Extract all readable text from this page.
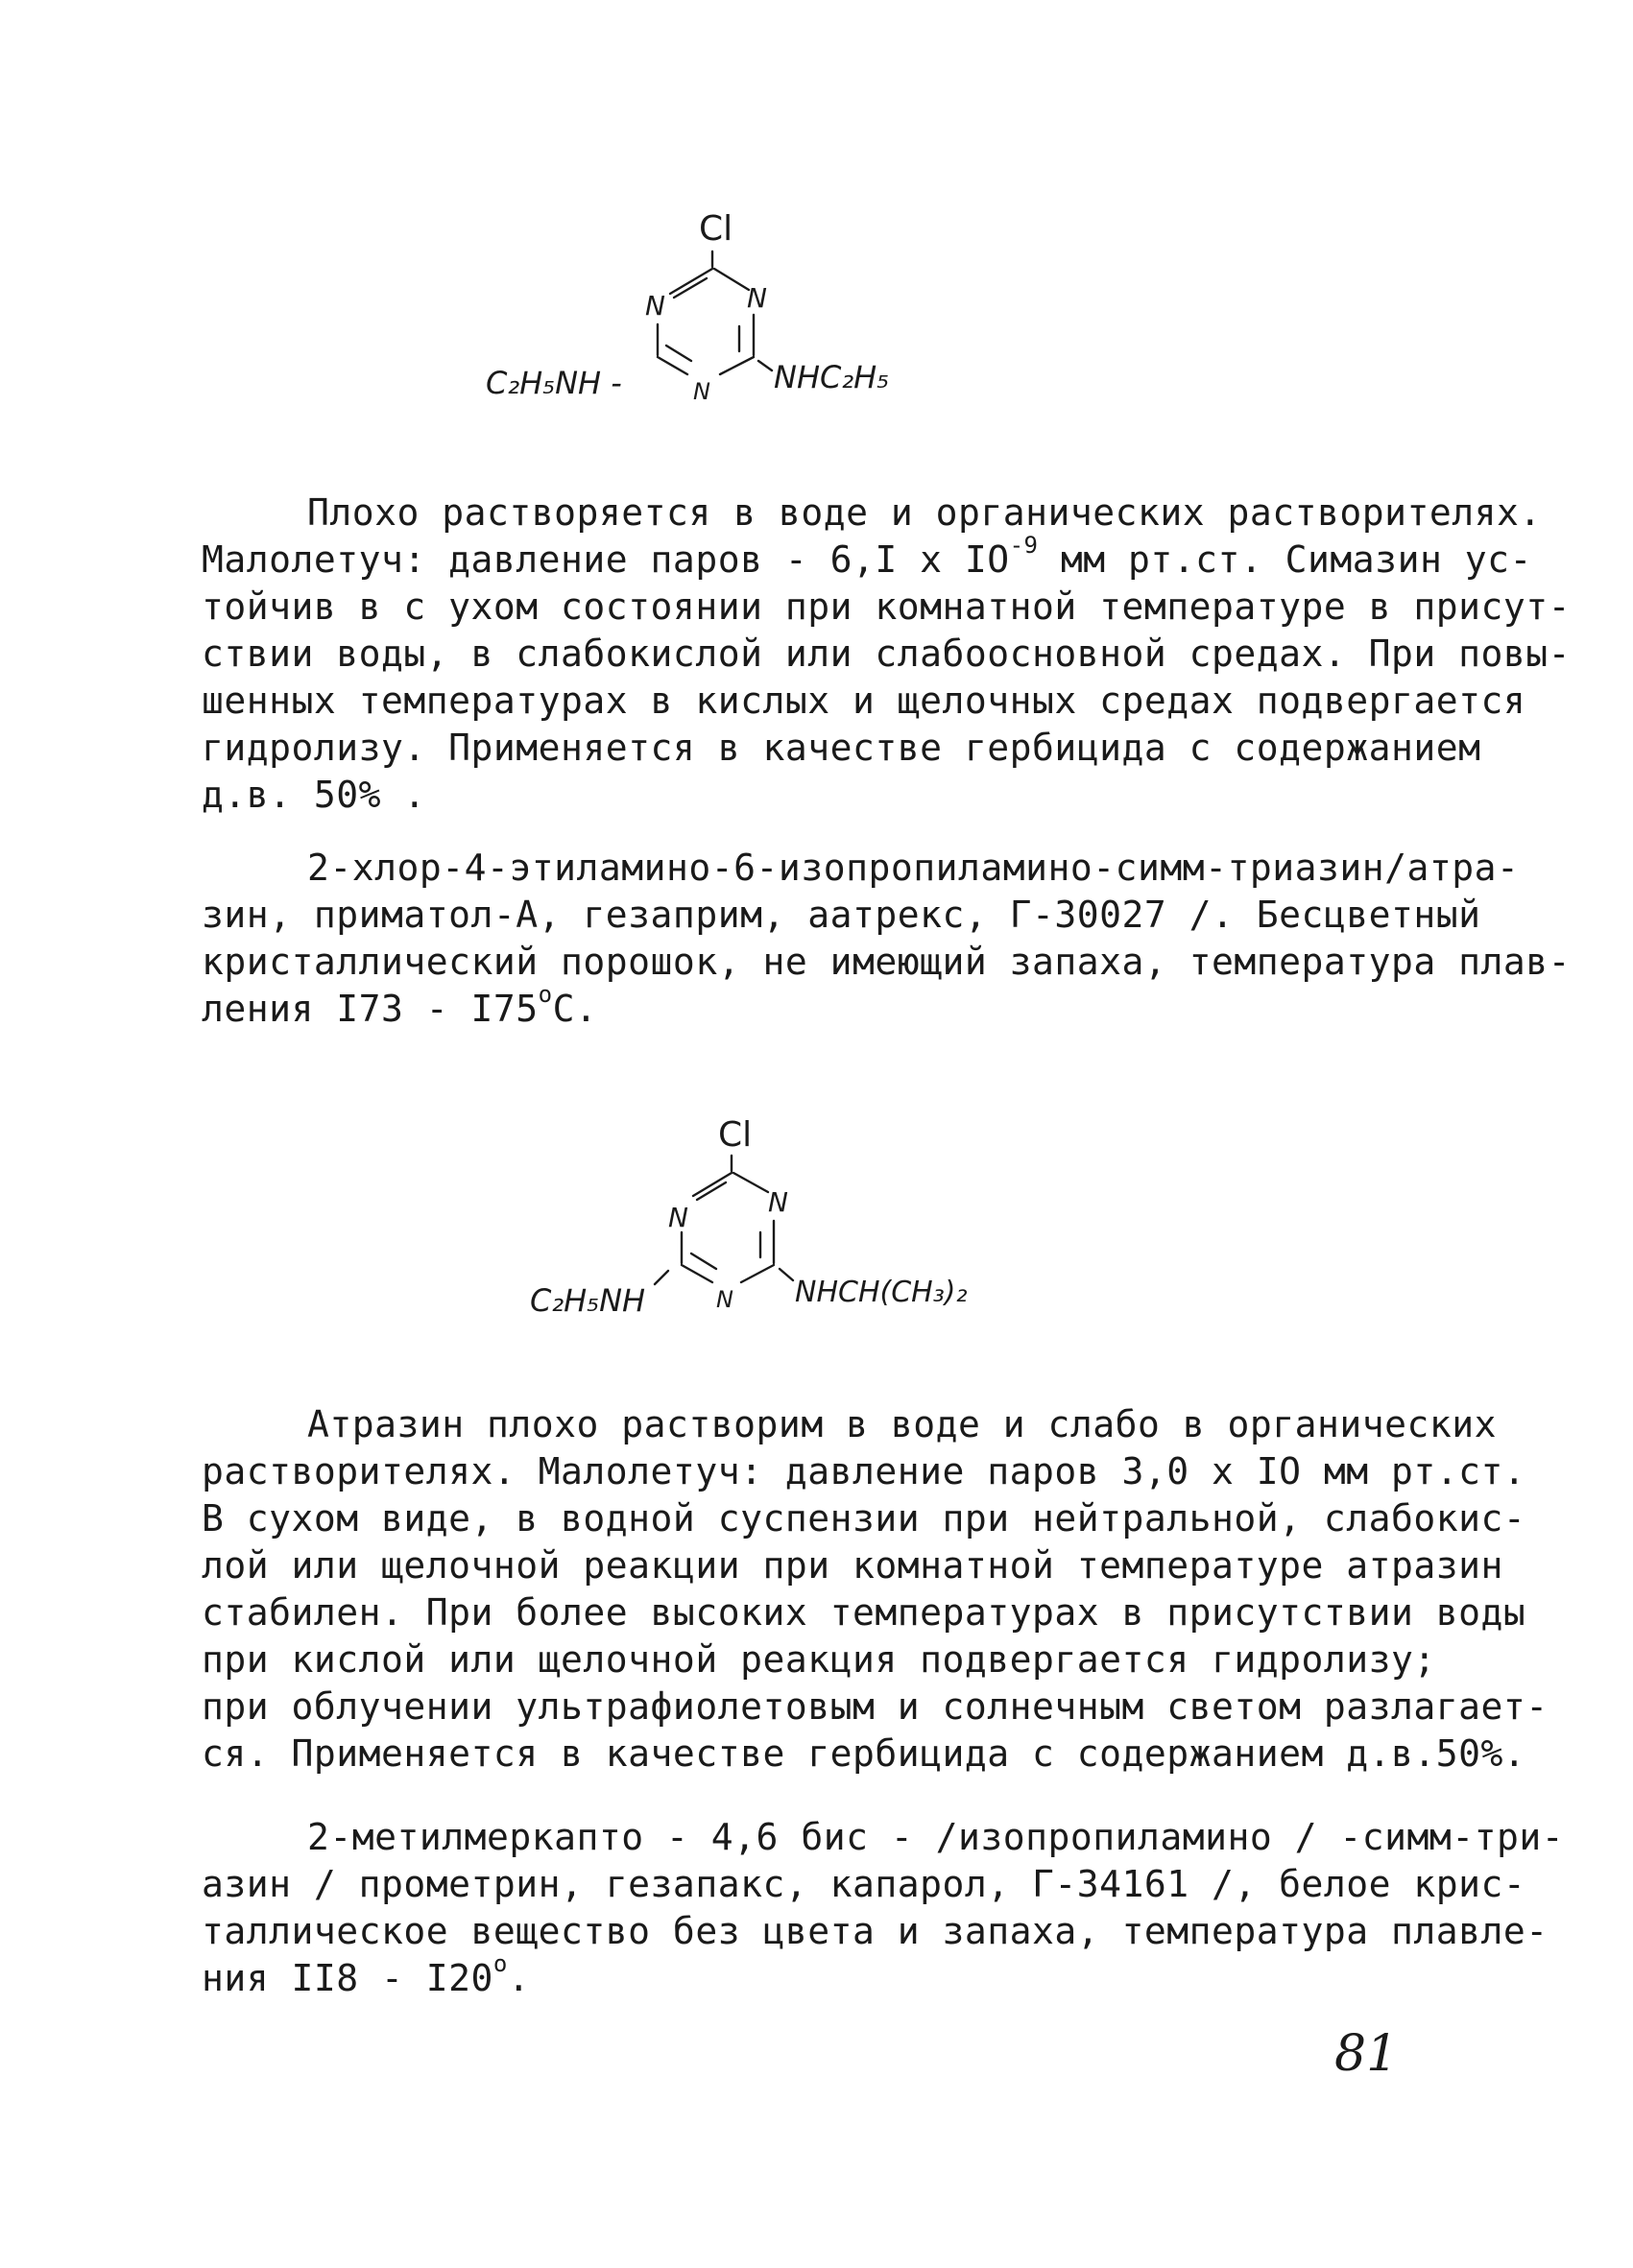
Cl
N	N
N
C₂H₅NH -	NHC₂H₅
Плохо растворяется в воде и органических растворителях.
Малолетуч: давление паров - 6,I x $IO^{-9}$ мм рт.ст. Симазин ус-
тойчив в с ухом состоянии при комнатной температуре в присут-
ствии воды, в слабокислой или слабоосновной средах. При повы-
шенных температурах в кислых и щелочных средах подвергается
гидролизу. Применяется в качестве гербицида с содержанием
д.в. 50% .
2-хлор-4-этиламино-6-изопропиламино-симм-триазин/атра-
зин, приматол-А, гезаприм, аатрекс, Г-30027 /. Бесцветный
кристаллический порошок, не имеющий запаха, температура плав-
ления $I73 - I75^оС$.
Cl
N	N
N
C₂H₅NH	NHCH(CH₃)₂
Атразин плохо растворим в воде и слабо в органических
растворителях. Малолетуч: давление паров 3,0 x IO мм рт.ст.
В сухом виде, в водной суспензии при нейтральной, слабокис-
лой или щелочной реакции при комнатной температуре атразин
стабилен. При более высоких температурах в присутствии воды
при кислой или щелочной реакция подвергается гидролизу;
при облучении ультрафиолетовым и солнечным светом разлагает-
ся. Применяется в качестве гербицида с содержанием д.в.50%.
2-метилмеркапто - 4,6 бис - /изопропиламино / -симм-три-
азин / прометрин, гезапакс, капарол, Г-34161 /, белое крис-
таллическое вещество без цвета и запаха, температура плавле-
ния $II8 - I20^о$.
81
